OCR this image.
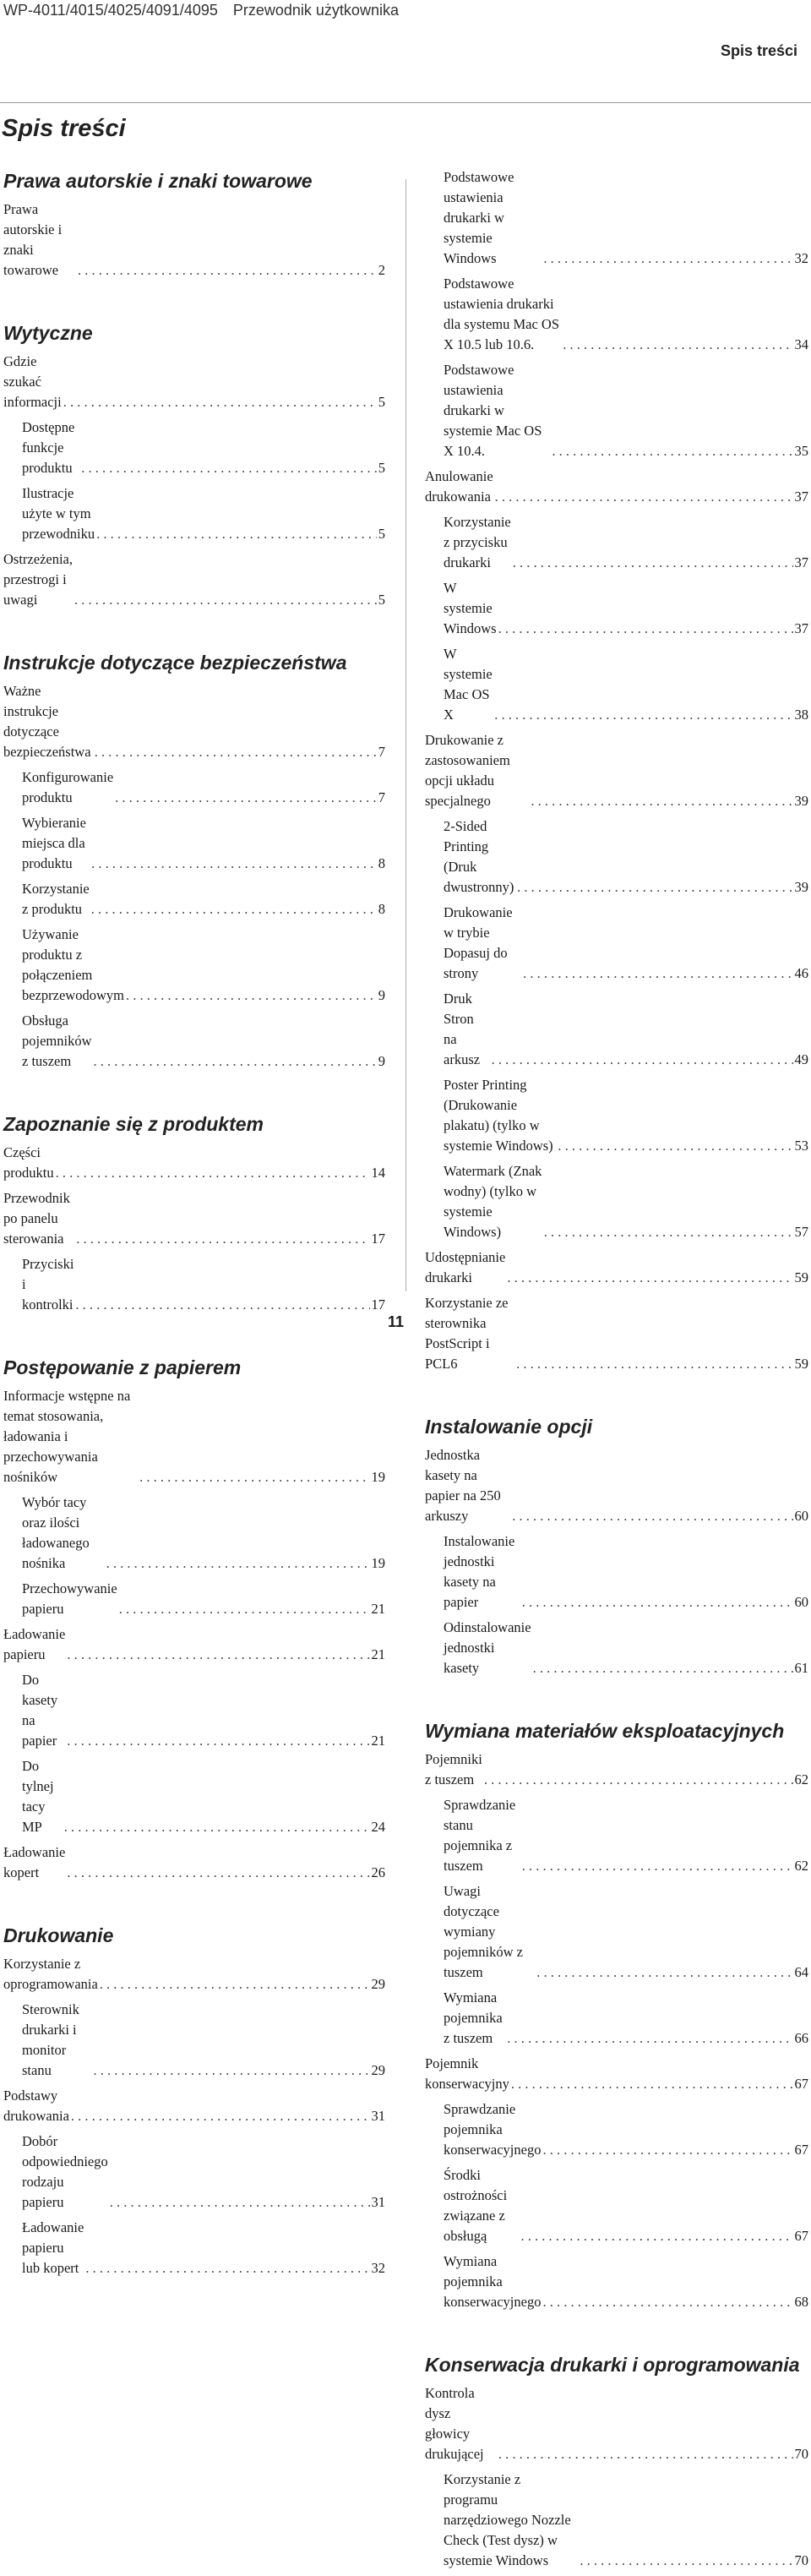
WP-4011/4015/4025/4091/4095 Przewodnik użytkownika
Spis treści
Spis treści
Prawa autorskie i znaki towarowe
Prawa autorskie i znaki towarowe . . .	2
Wytyczne
Gdzie szukać informacji . . .	5
Dostępne funkcje produktu . . .	5
Ilustracje użyte w tym przewodniku . . .	5
Ostrzeżenia, przestrogi i uwagi . . .	5
Instrukcje dotyczące bezpieczeństwa
Ważne instrukcje dotyczące bezpieczeństwa . . .	7
Konfigurowanie produktu . . .	7
Wybieranie miejsca dla produktu . . .	8
Korzystanie z produktu . . .	8
Używanie produktu z połączeniem bezprzewodowym . . .	9
Obsługa pojemników z tuszem . . .	9
Zapoznanie się z produktem
Części produktu . . .	14
Przewodnik po panelu sterowania . . .	17
Przyciski i kontrolki . . .	17
Postępowanie z papierem
Informacje wstępne na temat stosowania, ładowania i przechowywania nośników . . .	19
Wybór tacy oraz ilości ładowanego nośnika . . .	19
Przechowywanie papieru . . .	21
Ładowanie papieru . . .	21
Do kasety na papier . . .	21
Do tylnej tacy MP . . .	24
Ładowanie kopert . . .	26
Drukowanie
Korzystanie z oprogramowania . . .	29
Sterownik drukarki i monitor stanu . . .	29
Podstawy drukowania . . .	31
Dobór odpowiedniego rodzaju papieru . . .	31
Ładowanie papieru lub kopert . . .	32
Podstawowe ustawienia drukarki w systemie Windows . . .	32
Podstawowe ustawienia drukarki dla systemu Mac OS X 10.5 lub 10.6. . . .	34
Podstawowe ustawienia drukarki w systemie Mac OS X 10.4. . . .	35
Anulowanie drukowania . . .	37
Korzystanie z przycisku drukarki . . .	37
W systemie Windows . . .	37
W systemie Mac OS X . . .	38
Drukowanie z zastosowaniem opcji układu specjalnego . . .	39
2-Sided Printing (Druk dwustronny) . . .	39
Drukowanie w trybie Dopasuj do strony . . .	46
Druk Stron na arkusz . . .	49
Poster Printing (Drukowanie plakatu) (tylko w systemie Windows) . . .	53
Watermark (Znak wodny) (tylko w systemie Windows) . . .	57
Udostępnianie drukarki . . .	59
Korzystanie ze sterownika PostScript i PCL6 . . .	59
Instalowanie opcji
Jednostka kasety na papier na 250 arkuszy . . .	60
Instalowanie jednostki kasety na papier . . .	60
Odinstalowanie jednostki kasety . . .	61
Wymiana materiałów eksploatacyjnych
Pojemniki z tuszem . . .	62
Sprawdzanie stanu pojemnika z tuszem . . .	62
Uwagi dotyczące wymiany pojemników z tuszem . . .	64
Wymiana pojemnika z tuszem . . .	66
Pojemnik konserwacyjny . . .	67
Sprawdzanie pojemnika konserwacyjnego . . .	67
Środki ostrożności związane z obsługą . . .	67
Wymiana pojemnika konserwacyjnego . . .	68
Konserwacja drukarki i oprogramowania
Kontrola dysz głowicy drukującej . . .	70
Korzystanie z programu narzędziowego Nozzle Check (Test dysz) w systemie Windows . . .	70
11
